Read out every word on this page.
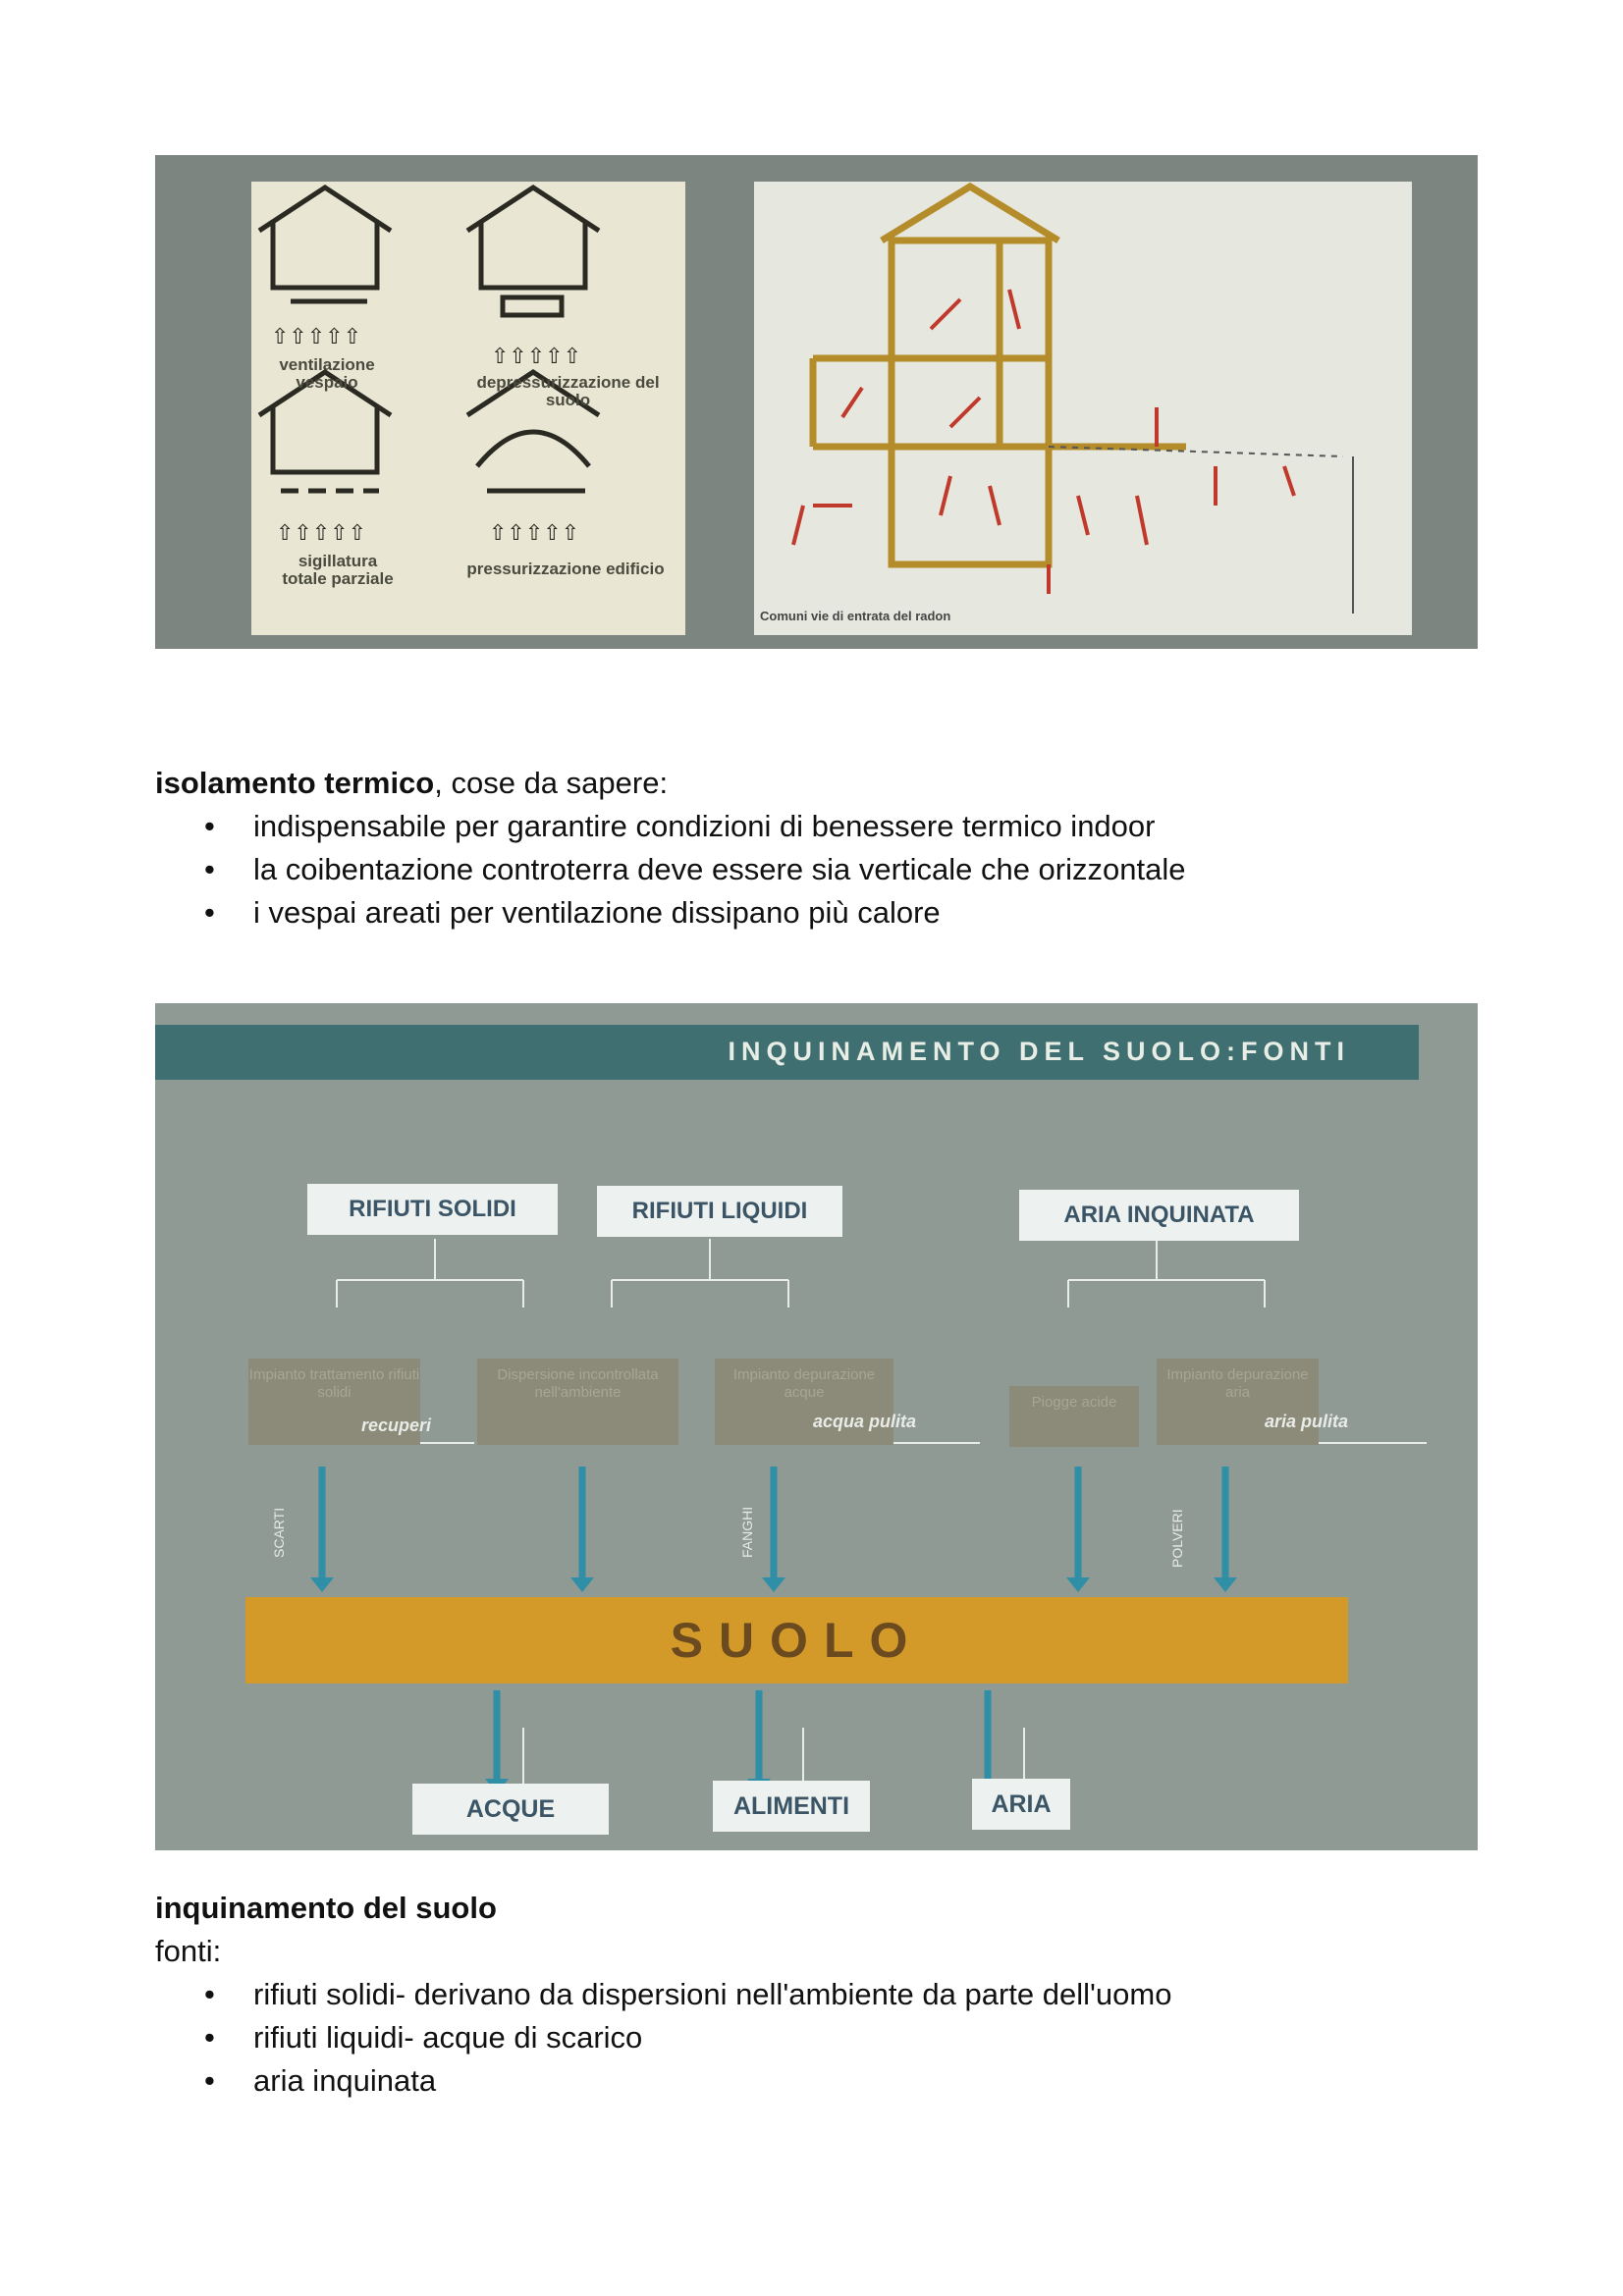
⇧⇧⇧⇧⇧
⇧⇧⇧⇧⇧
⇧⇧⇧⇧⇧	⇧⇧⇧⇧⇧
ventilazione vespaio	depressurizzazione del suolo
sigillatura totale parziale
pressurizzazione edificio
Comuni vie di entrata del radon
isolamento termico, cose da sapere:
• indispensabile per garantire condizioni di benessere termico indoor
• la coibentazione controterra deve essere sia verticale che orizzontale
• i vespai areati per ventilazione dissipano più calore
INQUINAMENTO DEL SUOLO:FONTI
RIFIUTI SOLIDI	RIFIUTI LIQUIDI	ARIA INQUINATA
Impianto trattamento rifiuti solidi
Dispersione incontrollata nell'ambiente
Impianto depurazione acque
Piogge acide
Impianto depurazione aria
SCARTI
recuperi
FANGHI
acqua pulita
POLVERI
aria pulita
SUOLO
ACQUE	ALIMENTI	ARIA
inquinamento del suolo
fonti:
• rifiuti solidi- derivano da dispersioni nell'ambiente da parte dell'uomo
• rifiuti liquidi- acque di scarico
• aria inquinata
